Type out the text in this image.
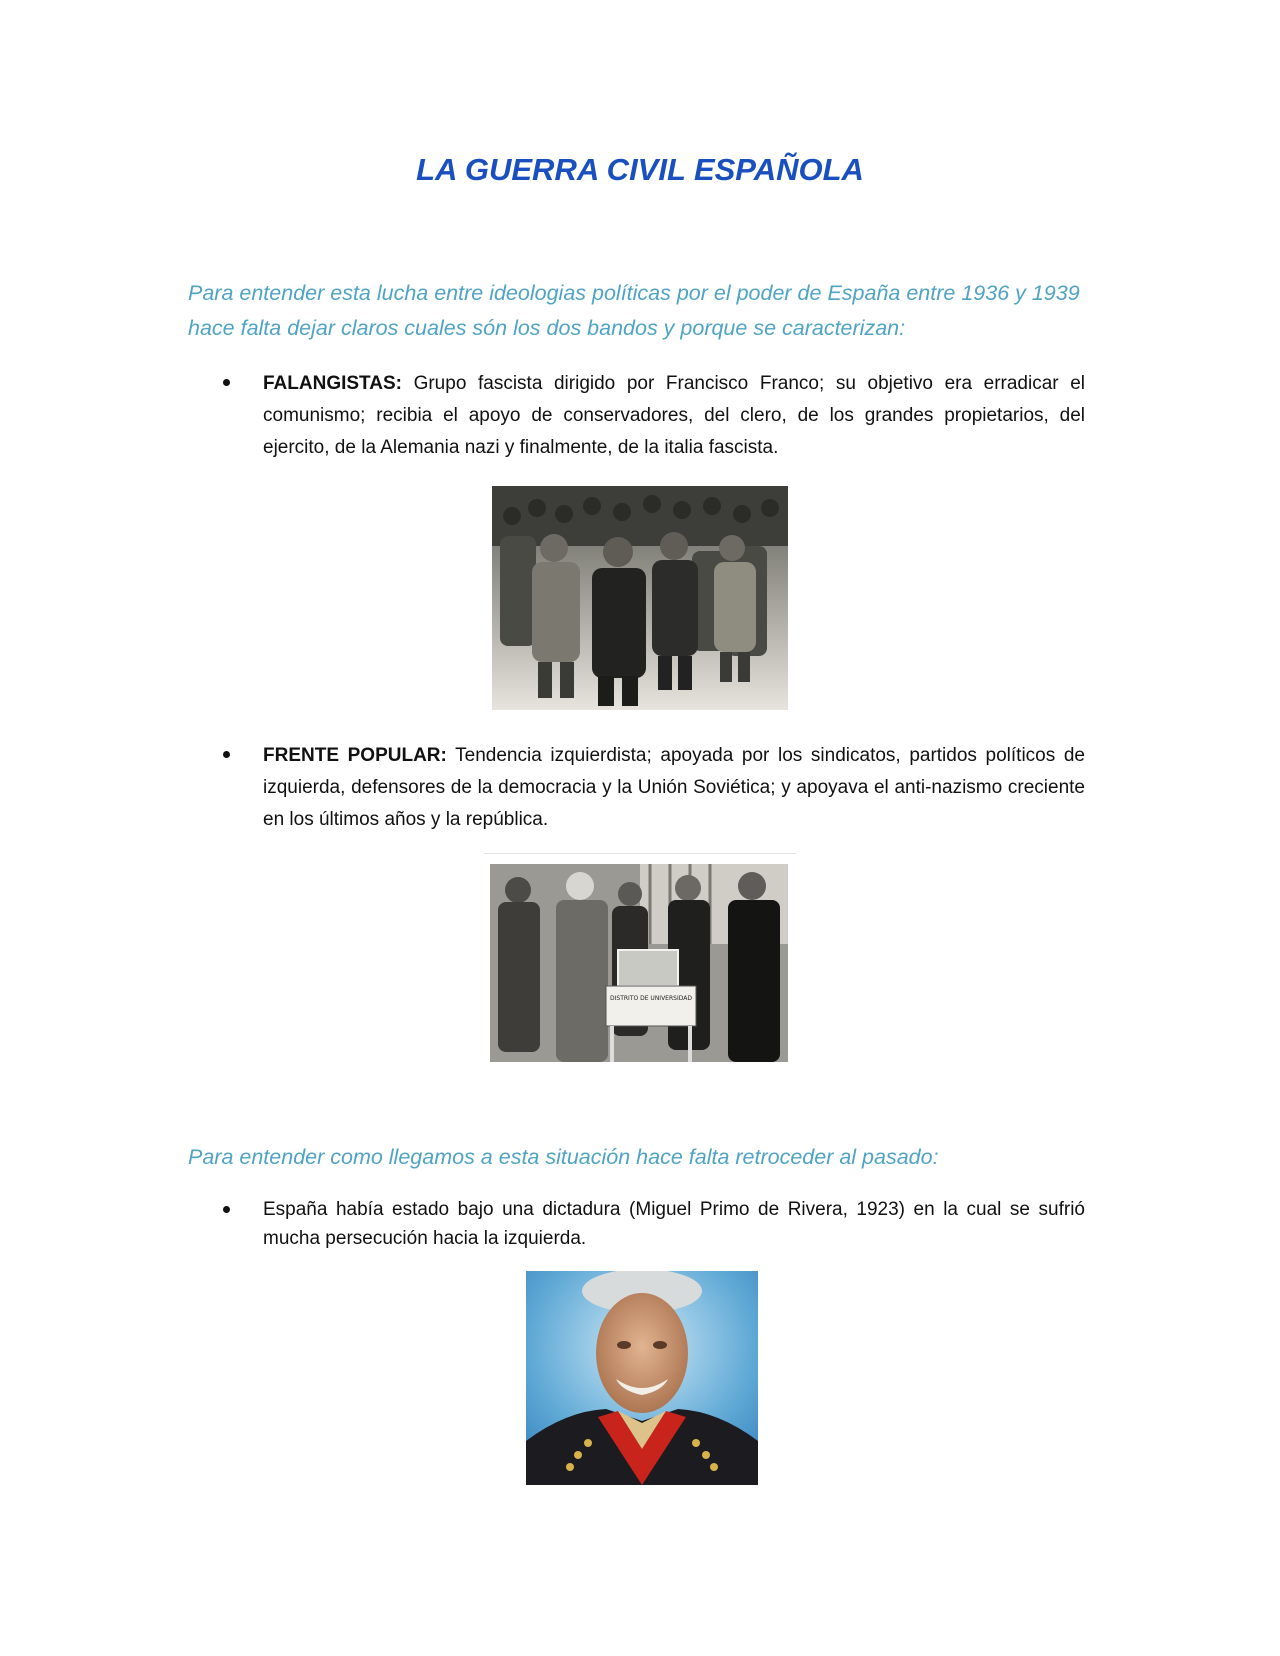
LA GUERRA CIVIL ESPAÑOLA

Para entender esta lucha entre ideologias políticas por el poder de España entre 1936 y 1939 hace falta dejar claros cuales són los dos bandos y porque se caracterizan:

FALANGISTAS: Grupo fascista dirigido por Francisco Franco; su objetivo era erradicar el comunismo; recibia el apoyo de conservadores, del clero, de los grandes propietarios, del ejercito, de la Alemania nazi y finalmente, de la italia fascista.
FRENTE POPULAR: Tendencia izquierdista; apoyada por los sindicatos, partidos políticos de izquierda, defensores de la democracia y la Unión Soviética; y apoyava el anti-nazismo creciente en los últimos años y la república.
DISTRITO DE UNIVERSIDAD

Para entender como llegamos a esta situación hace falta retroceder al pasado:

España había estado bajo una dictadura (Miguel Primo de Rivera, 1923) en la cual se sufrió mucha persecución hacia la izquierda.
